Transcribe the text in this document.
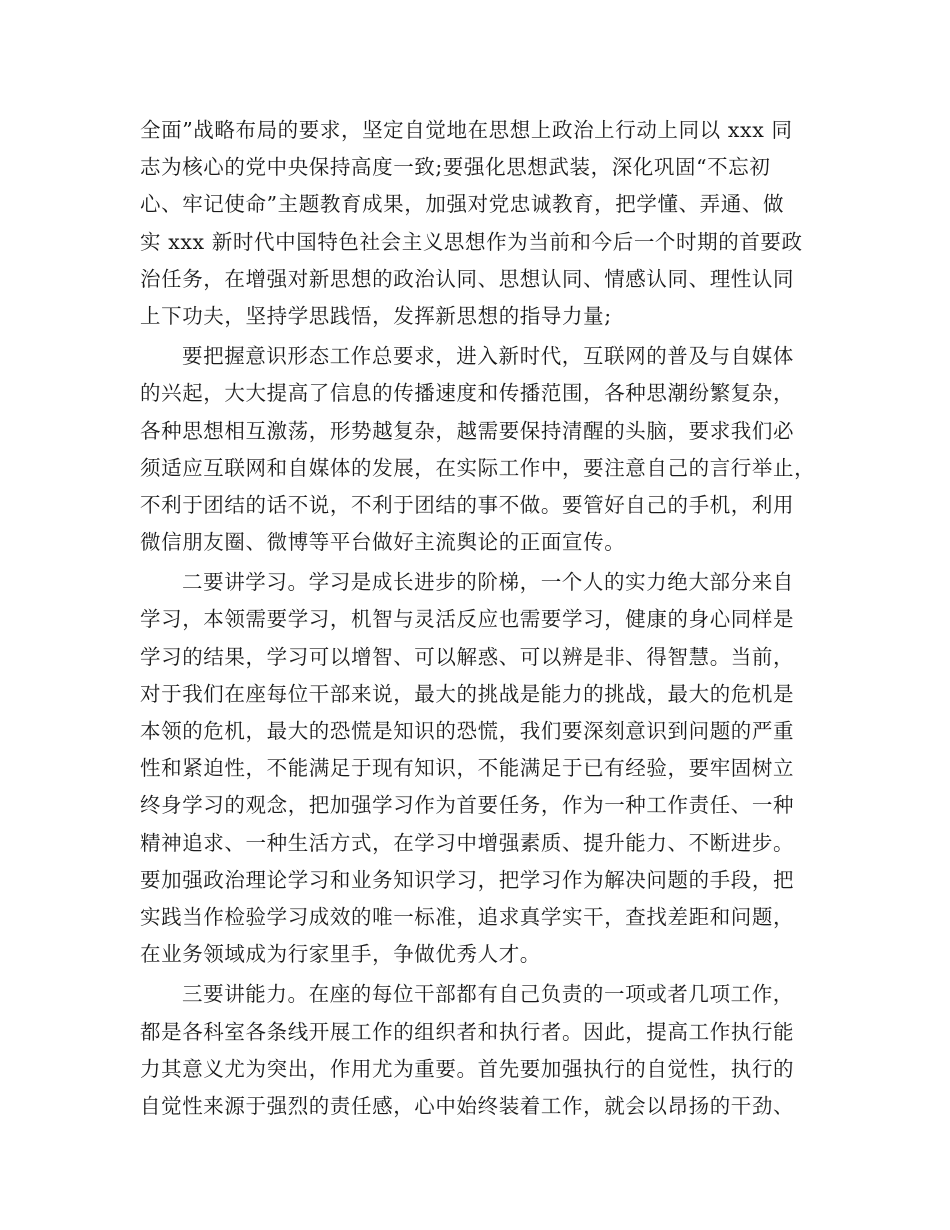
全面”战略布局的要求，坚定自觉地在思想上政治上行动上同以 xxx 同
志为核心的党中央保持高度一致;要强化思想武装，深化巩固“不忘初
心、牢记使命”主题教育成果，加强对党忠诚教育，把学懂、弄通、做
实 xxx 新时代中国特色社会主义思想作为当前和今后一个时期的首要政
治任务，在增强对新思想的政治认同、思想认同、情感认同、理性认同
上下功夫，坚持学思践悟，发挥新思想的指导力量;
要把握意识形态工作总要求，进入新时代，互联网的普及与自媒体
的兴起，大大提高了信息的传播速度和传播范围，各种思潮纷繁复杂，
各种思想相互激荡，形势越复杂，越需要保持清醒的头脑，要求我们必
须适应互联网和自媒体的发展，在实际工作中，要注意自己的言行举止，
不利于团结的话不说，不利于团结的事不做。要管好自己的手机，利用
微信朋友圈、微博等平台做好主流舆论的正面宣传。
二要讲学习。学习是成长进步的阶梯，一个人的实力绝大部分来自
学习，本领需要学习，机智与灵活反应也需要学习，健康的身心同样是
学习的结果，学习可以增智、可以解惑、可以辨是非、得智慧。当前，
对于我们在座每位干部来说，最大的挑战是能力的挑战，最大的危机是
本领的危机，最大的恐慌是知识的恐慌，我们要深刻意识到问题的严重
性和紧迫性，不能满足于现有知识，不能满足于已有经验，要牢固树立
终身学习的观念，把加强学习作为首要任务，作为一种工作责任、一种
精神追求、一种生活方式，在学习中增强素质、提升能力、不断进步。
要加强政治理论学习和业务知识学习，把学习作为解决问题的手段，把
实践当作检验学习成效的唯一标准，追求真学实干，查找差距和问题，
在业务领域成为行家里手，争做优秀人才。
三要讲能力。在座的每位干部都有自己负责的一项或者几项工作，
都是各科室各条线开展工作的组织者和执行者。因此，提高工作执行能
力其意义尤为突出，作用尤为重要。首先要加强执行的自觉性，执行的
自觉性来源于强烈的责任感，心中始终装着工作，就会以昂扬的干劲、
